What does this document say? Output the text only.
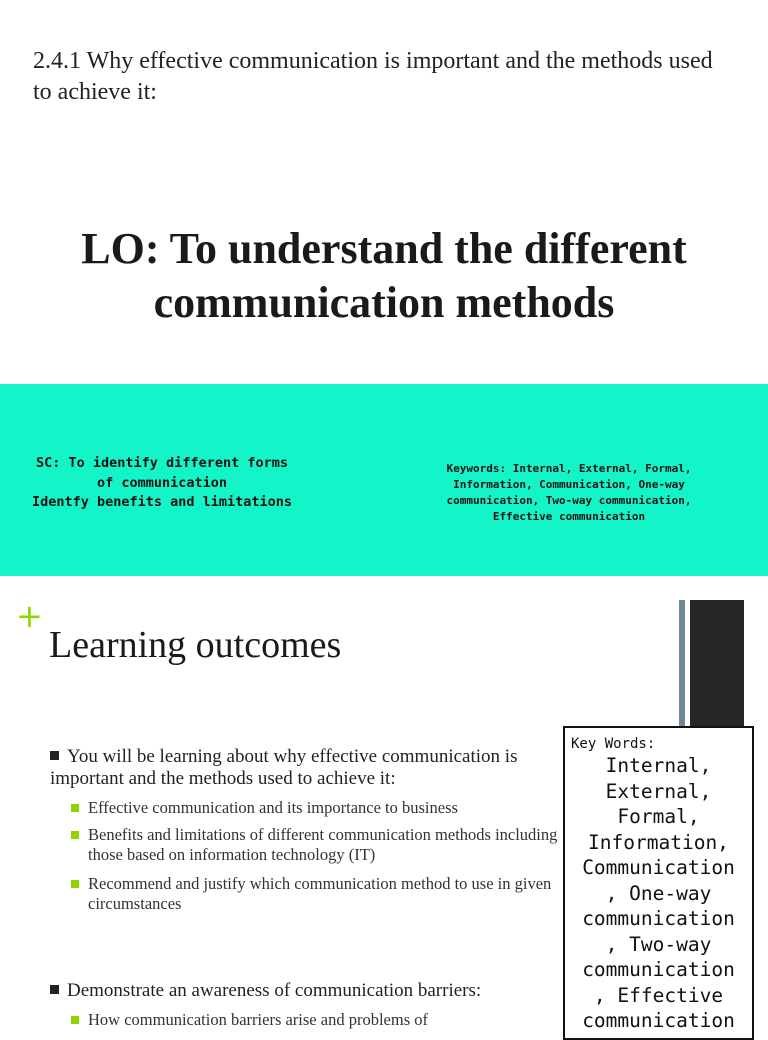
2.4.1 Why effective communication is important and the methods used to achieve it:
LO: To understand the different communication methods
SC: To identify different forms
of communication
Identfy benefits and limitations
Keywords: Internal, External, Formal,
Information, Communication, One-way
communication, Two-way communication,
Effective communication
+
Learning outcomes
You will be learning about why effective communication is important and the methods used to achieve it:
Effective communication and its importance to business
Benefits and limitations of different communication methods including those based on information technology (IT)
Recommend and justify which communication method to use in given circumstances
Demonstrate an awareness of communication barriers:
How communication barriers arise and problems of
Key Words:
Internal,
External,
Formal,
Information,
Communication
, One-way
communication
, Two-way
communication
, Effective
communication
